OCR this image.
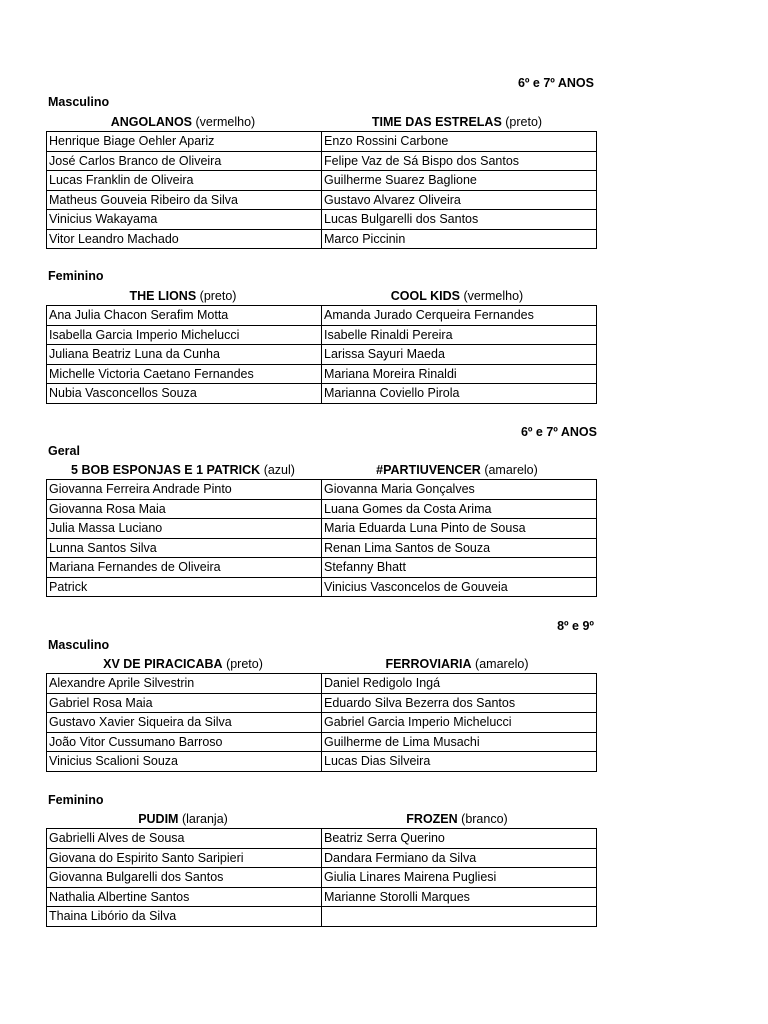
6º e 7º ANOS
Masculino
ANGOLANOS (vermelho)	TIME DAS ESTRELAS (preto)
Henrique Biage Oehler Apariz	Enzo Rossini Carbone
José Carlos Branco de Oliveira	Felipe Vaz de Sá Bispo dos Santos
Lucas Franklin de Oliveira	Guilherme Suarez Baglione
Matheus Gouveia Ribeiro da Silva	Gustavo Alvarez Oliveira
Vinicius Wakayama	Lucas Bulgarelli dos Santos
Vitor Leandro Machado	Marco Piccinin
Feminino
THE LIONS (preto)	COOL KIDS (vermelho)
Ana Julia Chacon Serafim Motta	Amanda Jurado Cerqueira Fernandes
Isabella Garcia Imperio Michelucci	Isabelle Rinaldi Pereira
Juliana Beatriz Luna da Cunha	Larissa Sayuri Maeda
Michelle Victoria Caetano Fernandes	Mariana Moreira Rinaldi
Nubia Vasconcellos Souza	Marianna Coviello Pirola
6º e 7º ANOS
Geral
5 BOB ESPONJAS E 1 PATRICK (azul)	#PARTIUVENCER (amarelo)
Giovanna Ferreira Andrade Pinto	Giovanna Maria Gonçalves
Giovanna Rosa Maia	Luana Gomes da Costa Arima
Julia Massa Luciano	Maria Eduarda Luna Pinto de Sousa
Lunna Santos Silva	Renan Lima Santos de Souza
Mariana Fernandes de Oliveira	Stefanny Bhatt
Patrick	Vinicius Vasconcelos de Gouveia
8º e 9º
Masculino
XV DE PIRACICABA (preto)	FERROVIARIA (amarelo)
Alexandre Aprile Silvestrin	Daniel Redigolo Ingá
Gabriel Rosa Maia	Eduardo Silva Bezerra dos Santos
Gustavo Xavier Siqueira da Silva	Gabriel Garcia Imperio Michelucci
João Vitor Cussumano Barroso	Guilherme de Lima Musachi
Vinicius Scalioni Souza	Lucas Dias Silveira
Feminino
PUDIM (laranja)	FROZEN (branco)
Gabrielli Alves de Sousa	Beatriz Serra Querino
Giovana do Espirito Santo Saripieri	Dandara Fermiano da Silva
Giovanna Bulgarelli dos Santos	Giulia Linares Mairena Pugliesi
Nathalia Albertine Santos	Marianne Storolli Marques
Thaina Libório da Silva	
